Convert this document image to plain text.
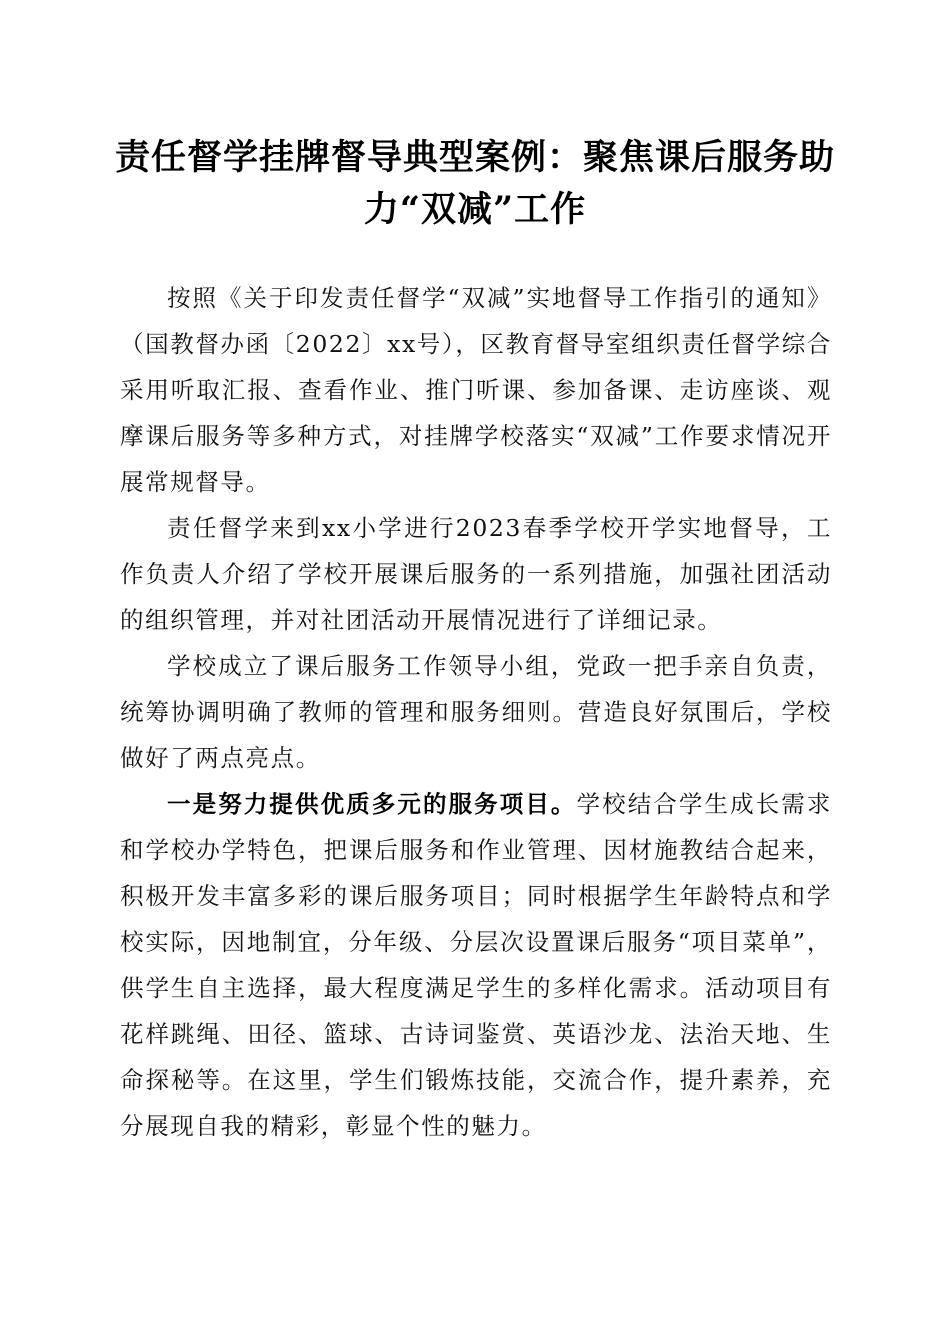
责任督学挂牌督导典型案例：聚焦课后服务助
力“双减”工作

按照《关于印发责任督学“双减”实地督导工作指引的通知》（国教督办函〔2022〕xx号），区教育督导室组织责任督学综合采用听取汇报、查看作业、推门听课、参加备课、走访座谈、观摩课后服务等多种方式，对挂牌学校落实“双减”工作要求情况开展常规督导。

责任督学来到xx小学进行2023春季学校开学实地督导，工作负责人介绍了学校开展课后服务的一系列措施，加强社团活动的组织管理，并对社团活动开展情况进行了详细记录。

学校成立了课后服务工作领导小组，党政一把手亲自负责，统筹协调明确了教师的管理和服务细则。营造良好氛围后，学校做好了两点亮点。

一是努力提供优质多元的服务项目。学校结合学生成长需求和学校办学特色，把课后服务和作业管理、因材施教结合起来，积极开发丰富多彩的课后服务项目；同时根据学生年龄特点和学校实际，因地制宜，分年级、分层次设置课后服务“项目菜单”，供学生自主选择，最大程度满足学生的多样化需求。活动项目有花样跳绳、田径、篮球、古诗词鉴赏、英语沙龙、法治天地、生命探秘等。在这里，学生们锻炼技能，交流合作，提升素养，充分展现自我的精彩，彰显个性的魅力。
